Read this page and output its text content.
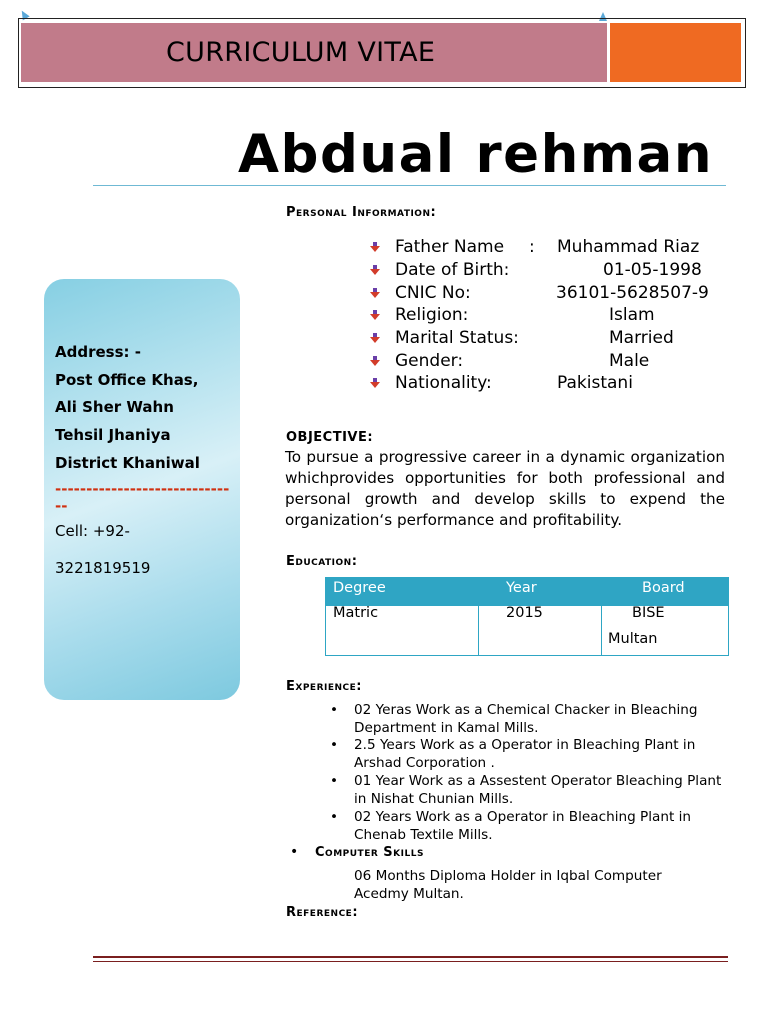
CURRICULUM VITAE
Abdual rehman
Personal Information:
Father Name : Muhammad Riaz
Date of Birth:	01-05-1998
CNIC No:	36101-5628507-9
Religion:	Islam
Marital Status:	Married
Gender:	Male
Nationality:	Pakistani
Address: -
Post Office Khas,
Ali Sher Wahn
Tehsil Jhaniya
District Khaniwal
------------------------------
Cell: +92-
3221819519
OBJECTIVE:
To pursue a progressive career in a dynamic organization whichprovides opportunities for both professional and personal growth and develop skills to expend the organization‘s performance and profitability.
Education:
Degree	Year	Board
Matric	2015	BISE
Multan
Experience:
• 02 Yeras Work as a Chemical Chacker in Bleaching Department in Kamal Mills.
• 2.5 Years Work as a Operator in Bleaching Plant in Arshad Corporation .
• 01 Year Work as a Assestent Operator Bleaching Plant in Nishat Chunian Mills.
• 02 Years Work as a Operator in Bleaching Plant in Chenab Textile Mills.
• Computer Skills
06 Months Diploma Holder in Iqbal Computer Acedmy Multan.
Reference:
